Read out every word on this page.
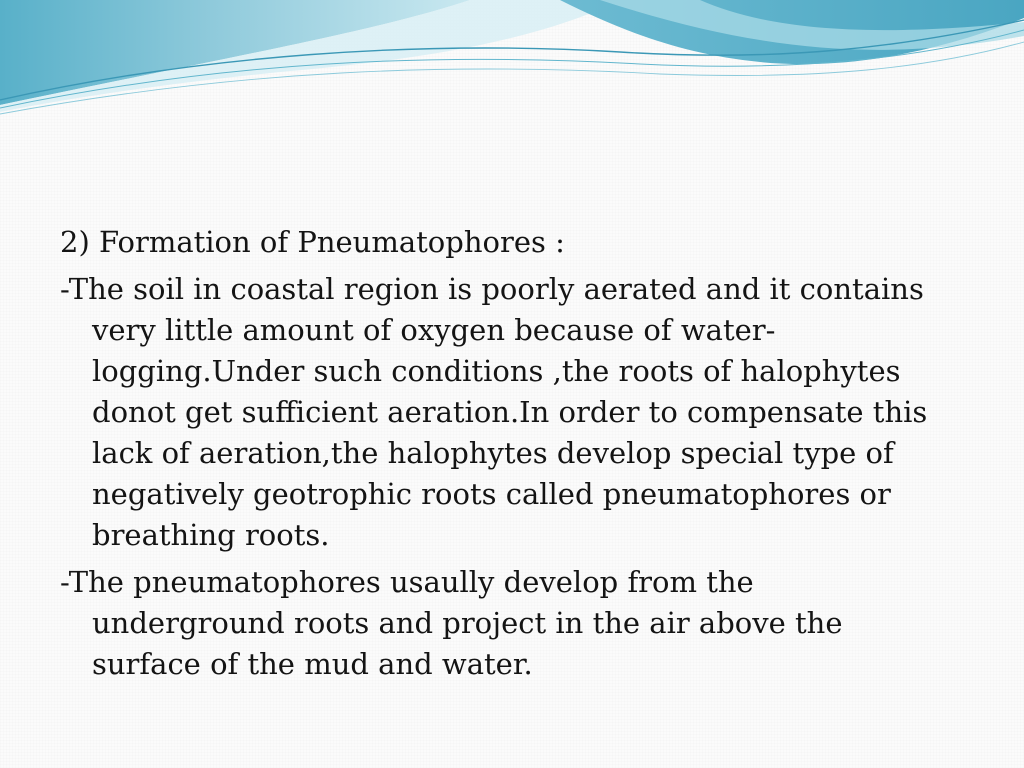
2) Formation of Pneumatophores :

-The soil in coastal region is poorly aerated and it contains very little amount of oxygen because of water-logging.Under such conditions ,the roots of halophytes donot get sufficient aeration.In order to compensate this lack of aeration,the halophytes develop special type of negatively geotrophic roots called pneumatophores or breathing roots.

-The pneumatophores usaully develop from the underground roots and project in the air above the surface of the mud and water.
